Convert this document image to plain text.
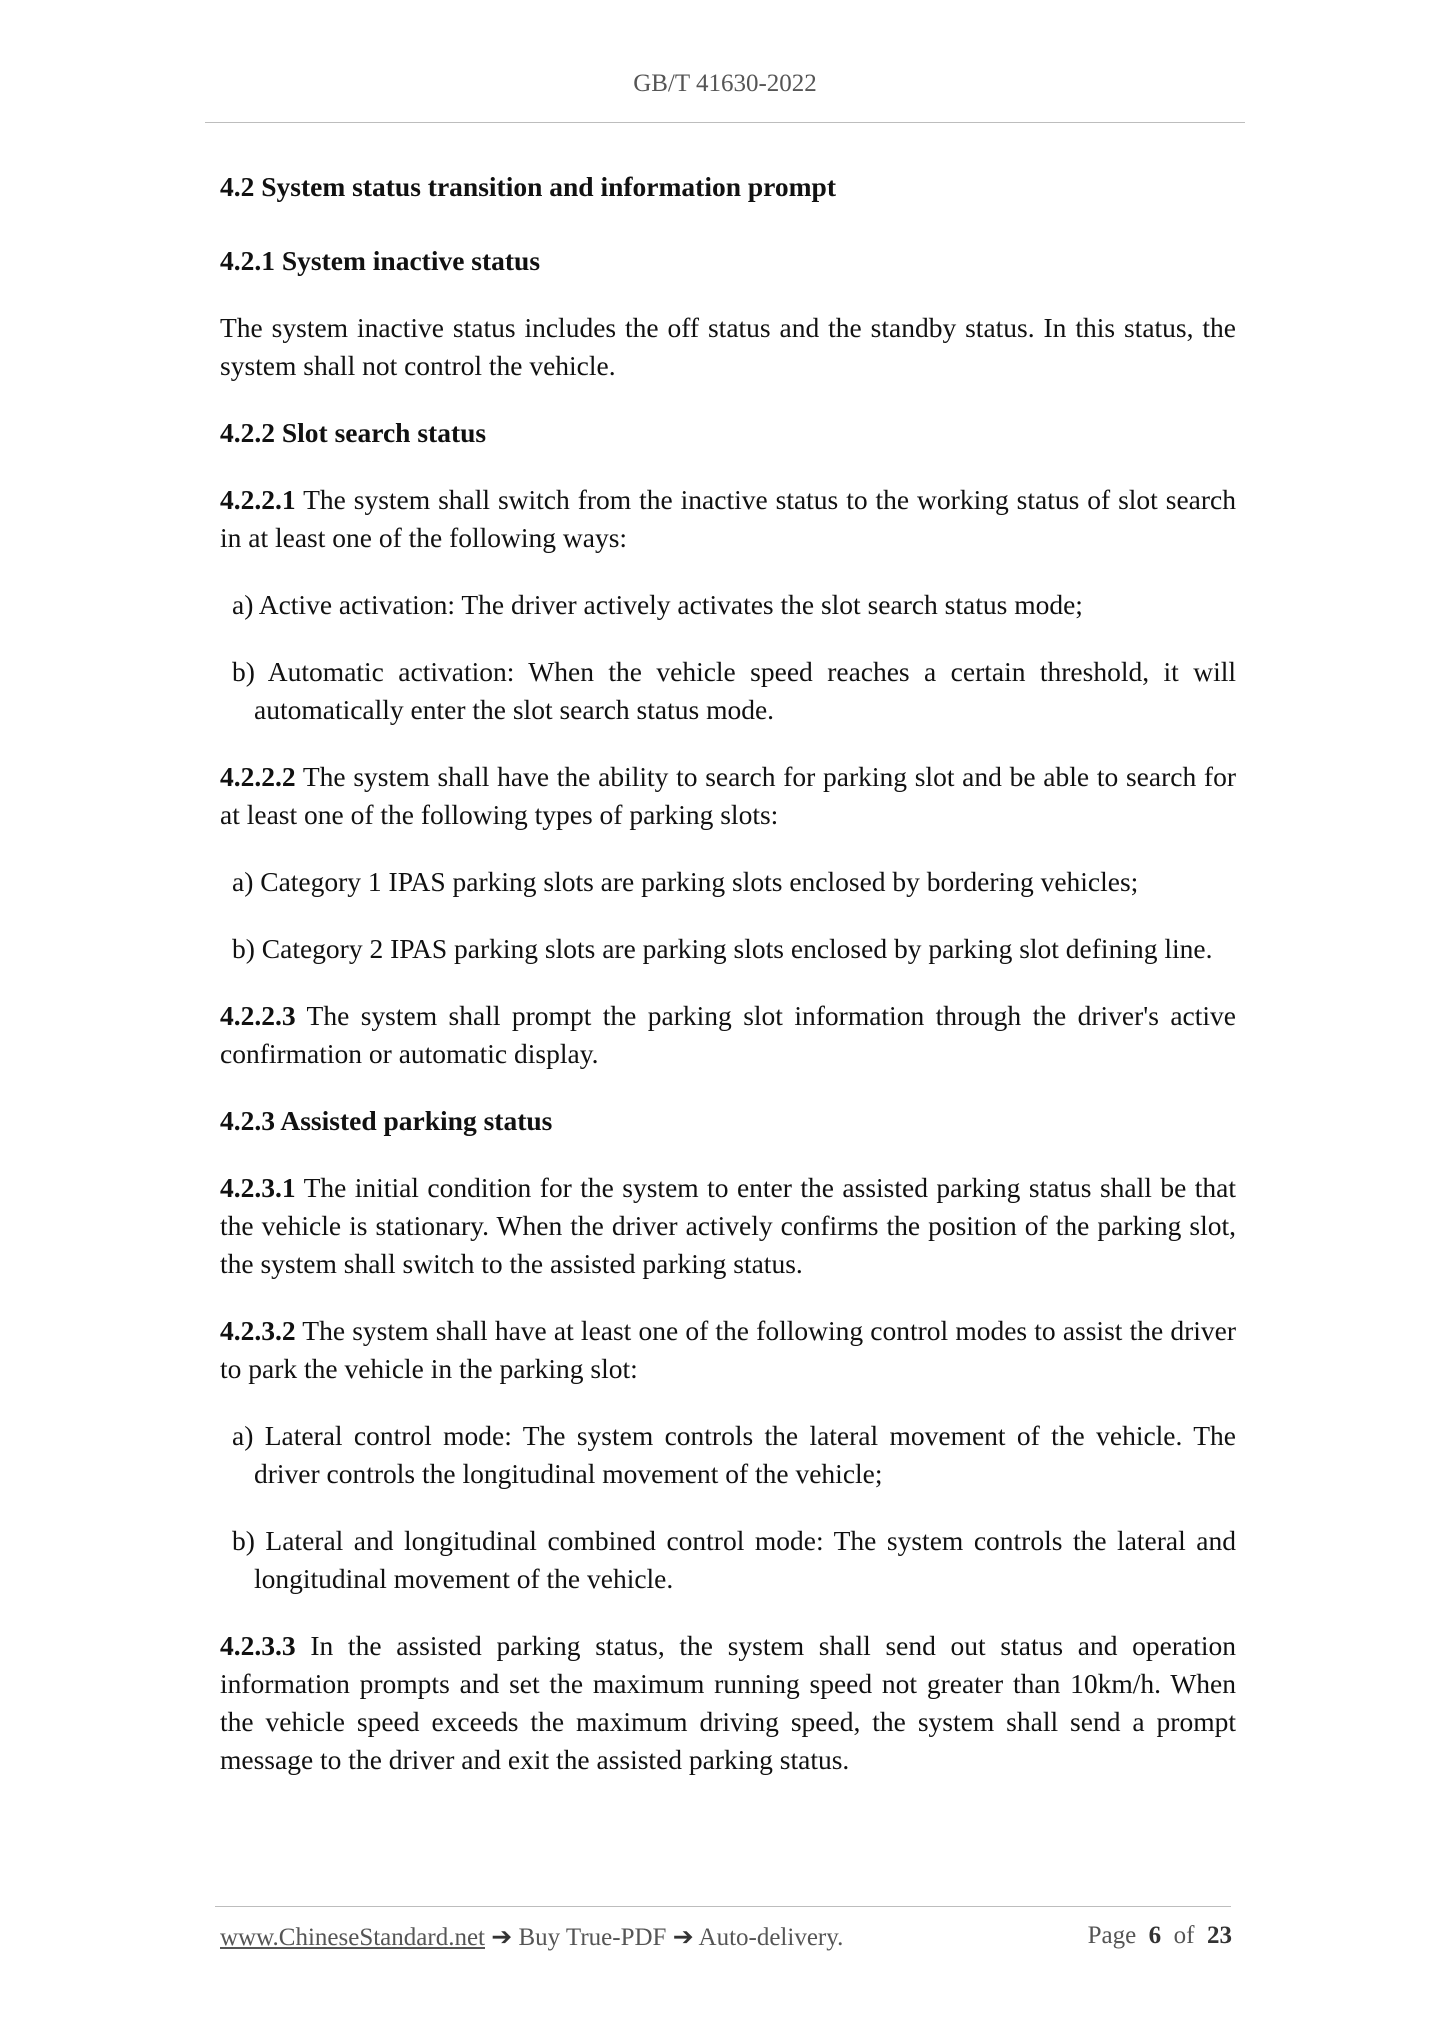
GB/T 41630-2022

4.2 System status transition and information prompt

4.2.1 System inactive status

The system inactive status includes the off status and the standby status. In this status, the system shall not control the vehicle.

4.2.2 Slot search status

4.2.2.1 The system shall switch from the inactive status to the working status of slot search in at least one of the following ways:

a) Active activation: The driver actively activates the slot search status mode;

b) Automatic activation: When the vehicle speed reaches a certain threshold, it will automatically enter the slot search status mode.

4.2.2.2 The system shall have the ability to search for parking slot and be able to search for at least one of the following types of parking slots:

a) Category 1 IPAS parking slots are parking slots enclosed by bordering vehicles;

b) Category 2 IPAS parking slots are parking slots enclosed by parking slot defining line.

4.2.2.3 The system shall prompt the parking slot information through the driver's active confirmation or automatic display.

4.2.3 Assisted parking status

4.2.3.1 The initial condition for the system to enter the assisted parking status shall be that the vehicle is stationary. When the driver actively confirms the position of the parking slot, the system shall switch to the assisted parking status.

4.2.3.2 The system shall have at least one of the following control modes to assist the driver to park the vehicle in the parking slot:

a) Lateral control mode: The system controls the lateral movement of the vehicle. The driver controls the longitudinal movement of the vehicle;

b) Lateral and longitudinal combined control mode: The system controls the lateral and longitudinal movement of the vehicle.

4.2.3.3 In the assisted parking status, the system shall send out status and operation information prompts and set the maximum running speed not greater than 10km/h. When the vehicle speed exceeds the maximum driving speed, the system shall send a prompt message to the driver and exit the assisted parking status.

www.ChineseStandard.net ➔ Buy True-PDF ➔ Auto-delivery.	Page 6 of 23
